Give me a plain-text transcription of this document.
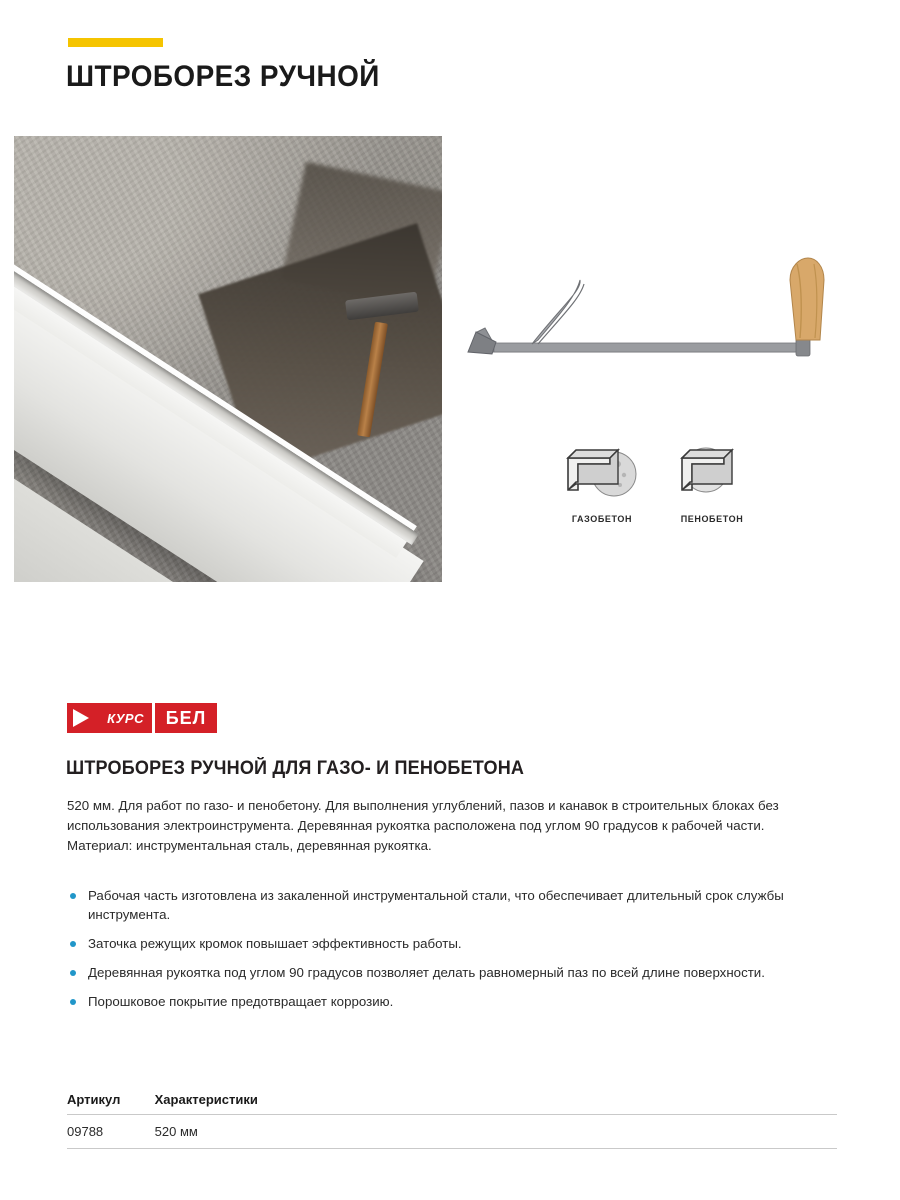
ШТРОБОРЕЗ РУЧНОЙ
ГАЗОБЕТОН	ПЕНОБЕТОН
КУРС	БЕЛ
ШТРОБОРЕЗ РУЧНОЙ ДЛЯ ГАЗО- И ПЕНОБЕТОНА
520 мм. Для работ по газо- и пенобетону. Для выполнения углублений, пазов и канавок в строительных блоках без использования электроинструмента. Деревянная рукоятка расположена под углом 90 градусов к рабочей части. Материал: инструментальная сталь, деревянная рукоятка.
Рабочая часть изготовлена из закаленной инструментальной стали, что обеспечивает длительный срок службы инструмента.
Заточка режущих кромок повышает эффективность работы.
Деревянная рукоятка под углом 90 градусов позволяет делать равномерный паз по всей длине поверхности.
Порошковое покрытие предотвращает коррозию.
Артикул	Характеристики
09788	520 мм
